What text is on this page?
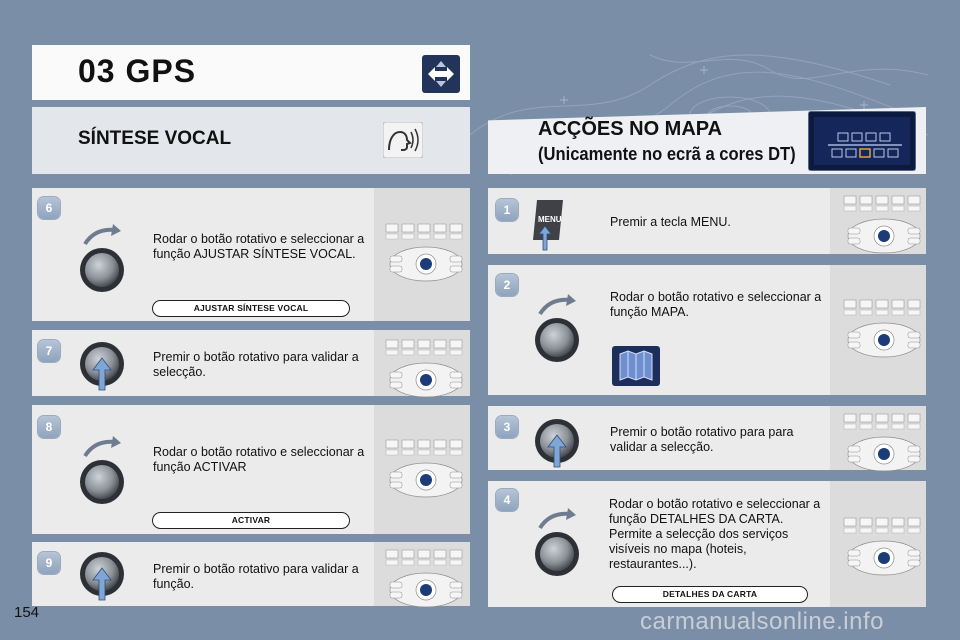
03 GPS
SÍNTESE VOCAL	ACÇÕES NO MAPA
(Unicamente no ecrã a cores DT)
6
Rodar o botão rotativo e seleccionar a função AJUSTAR SÍNTESE VOCAL.
AJUSTAR SÍNTESE VOCAL
7	Premir o botão rotativo para validar a selecção.
8
Rodar o botão rotativo e seleccionar a função ACTIVAR
ACTIVAR
9	Premir o botão rotativo para validar a função.
1
Premir a tecla MENU.
MENU
2
Rodar o botão rotativo e seleccionar a função MAPA.
3	Premir o botão rotativo para para validar a selecção.
4	Rodar o botão rotativo e seleccionar a função DETALHES DA CARTA. Permite a selecção dos serviços visíveis no mapa (hoteis, restaurantes...).
DETALHES DA CARTA
154	carmanualsonline.info
